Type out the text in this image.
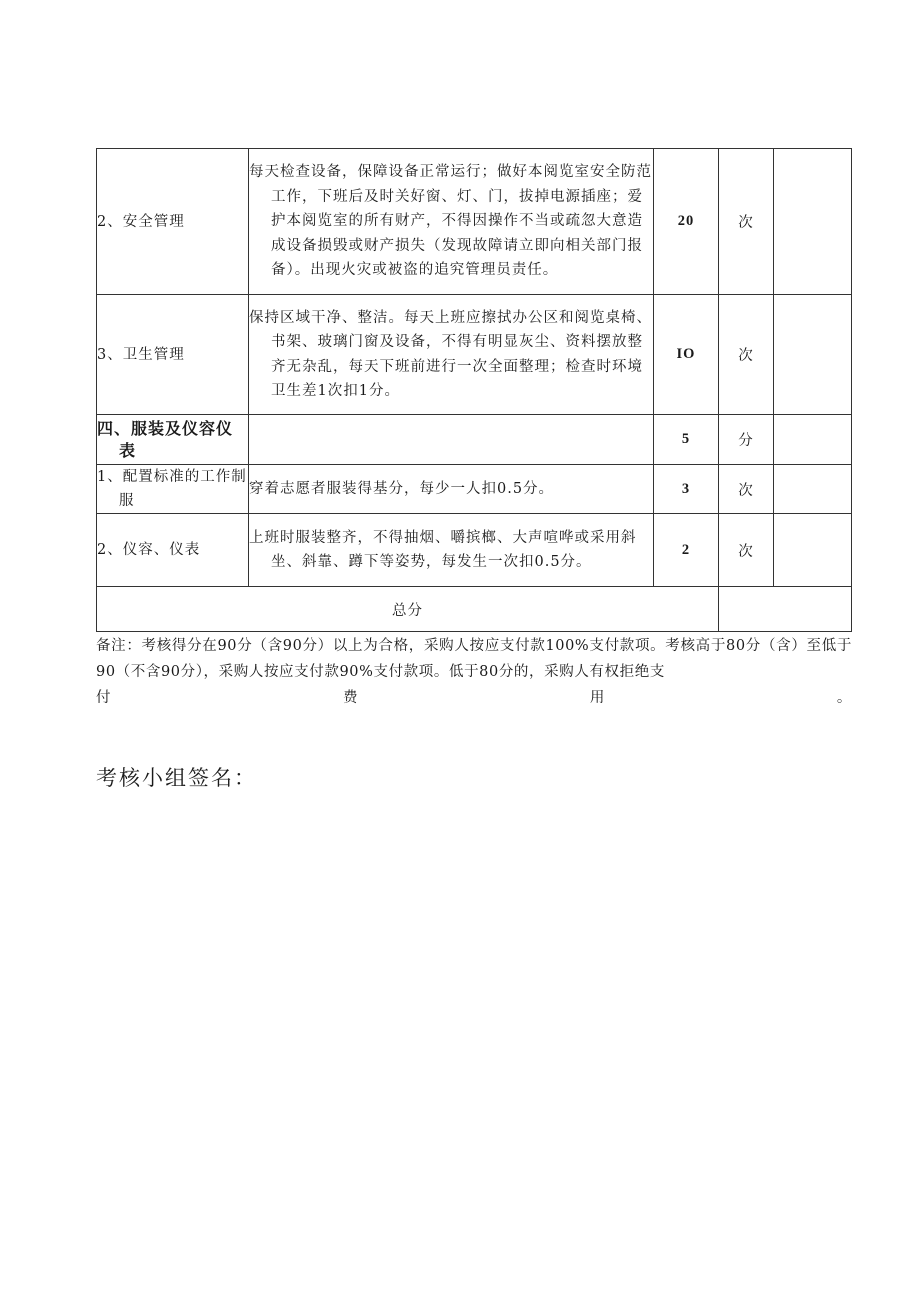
2、安全管理	每天检查设备，保障设备正常运行；做好本阅览室安全防范工作，下班后及时关好窗、灯、门，拔掉电源插座；爱护本阅览室的所有财产，不得因操作不当或疏忽大意造成设备损毁或财产损失（发现故障请立即向相关部门报备）。出现火灾或被盗的追究管理员责任。	20	次	
3、卫生管理	保持区域干净、整洁。每天上班应擦拭办公区和阅览桌椅、书架、玻璃门窗及设备，不得有明显灰尘、资料摆放整齐无杂乱，每天下班前进行一次全面整理；检查时环境卫生差1次扣1分。	IO	次	

四、服装及仪容仪表		5	分	

1、配置标准的工作制服	穿着志愿者服装得基分，每少一人扣0.5分。	3	次	
2、仪容、仪表	上班时服装整齐，不得抽烟、嚼摈榔、大声喧哗或采用斜坐、斜靠、蹲下等姿势，每发生一次扣0.5分。	2	次	
总分				
备注：考核得分在90分（含90分）以上为合格，采购人按应支付款100%支付款项。考核高于80分（含）至低于90（不含90分），采购人按应支付款90%支付款项。低于80分的，采购人有权拒绝支
付	费	用	。
考核小组签名：
